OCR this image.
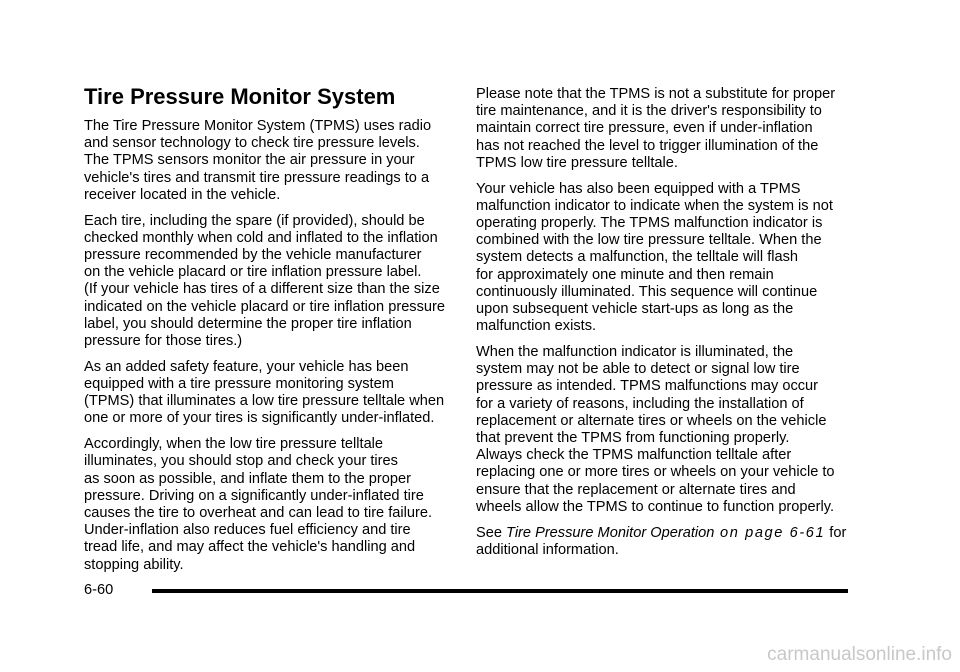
Tire Pressure Monitor System
The Tire Pressure Monitor System (TPMS) uses radio
and sensor technology to check tire pressure levels.
The TPMS sensors monitor the air pressure in your
vehicle's tires and transmit tire pressure readings to a
receiver located in the vehicle.
Each tire, including the spare (if provided), should be
checked monthly when cold and inflated to the inflation
pressure recommended by the vehicle manufacturer
on the vehicle placard or tire inflation pressure label.
(If your vehicle has tires of a different size than the size
indicated on the vehicle placard or tire inflation pressure
label, you should determine the proper tire inflation
pressure for those tires.)
As an added safety feature, your vehicle has been
equipped with a tire pressure monitoring system
(TPMS) that illuminates a low tire pressure telltale when
one or more of your tires is significantly under-inflated.
Accordingly, when the low tire pressure telltale
illuminates, you should stop and check your tires
as soon as possible, and inflate them to the proper
pressure. Driving on a significantly under-inflated tire
causes the tire to overheat and can lead to tire failure.
Under-inflation also reduces fuel efficiency and tire
tread life, and may affect the vehicle's handling and
stopping ability.
Please note that the TPMS is not a substitute for proper
tire maintenance, and it is the driver's responsibility to
maintain correct tire pressure, even if under-inflation
has not reached the level to trigger illumination of the
TPMS low tire pressure telltale.
Your vehicle has also been equipped with a TPMS
malfunction indicator to indicate when the system is not
operating properly. The TPMS malfunction indicator is
combined with the low tire pressure telltale. When the
system detects a malfunction, the telltale will flash
for approximately one minute and then remain
continuously illuminated. This sequence will continue
upon subsequent vehicle start-ups as long as the
malfunction exists.
When the malfunction indicator is illuminated, the
system may not be able to detect or signal low tire
pressure as intended. TPMS malfunctions may occur
for a variety of reasons, including the installation of
replacement or alternate tires or wheels on the vehicle
that prevent the TPMS from functioning properly.
Always check the TPMS malfunction telltale after
replacing one or more tires or wheels on your vehicle to
ensure that the replacement or alternate tires and
wheels allow the TPMS to continue to function properly.
See Tire Pressure Monitor Operation on page 6-61 for
additional information.
6-60
carmanualsonline.info
